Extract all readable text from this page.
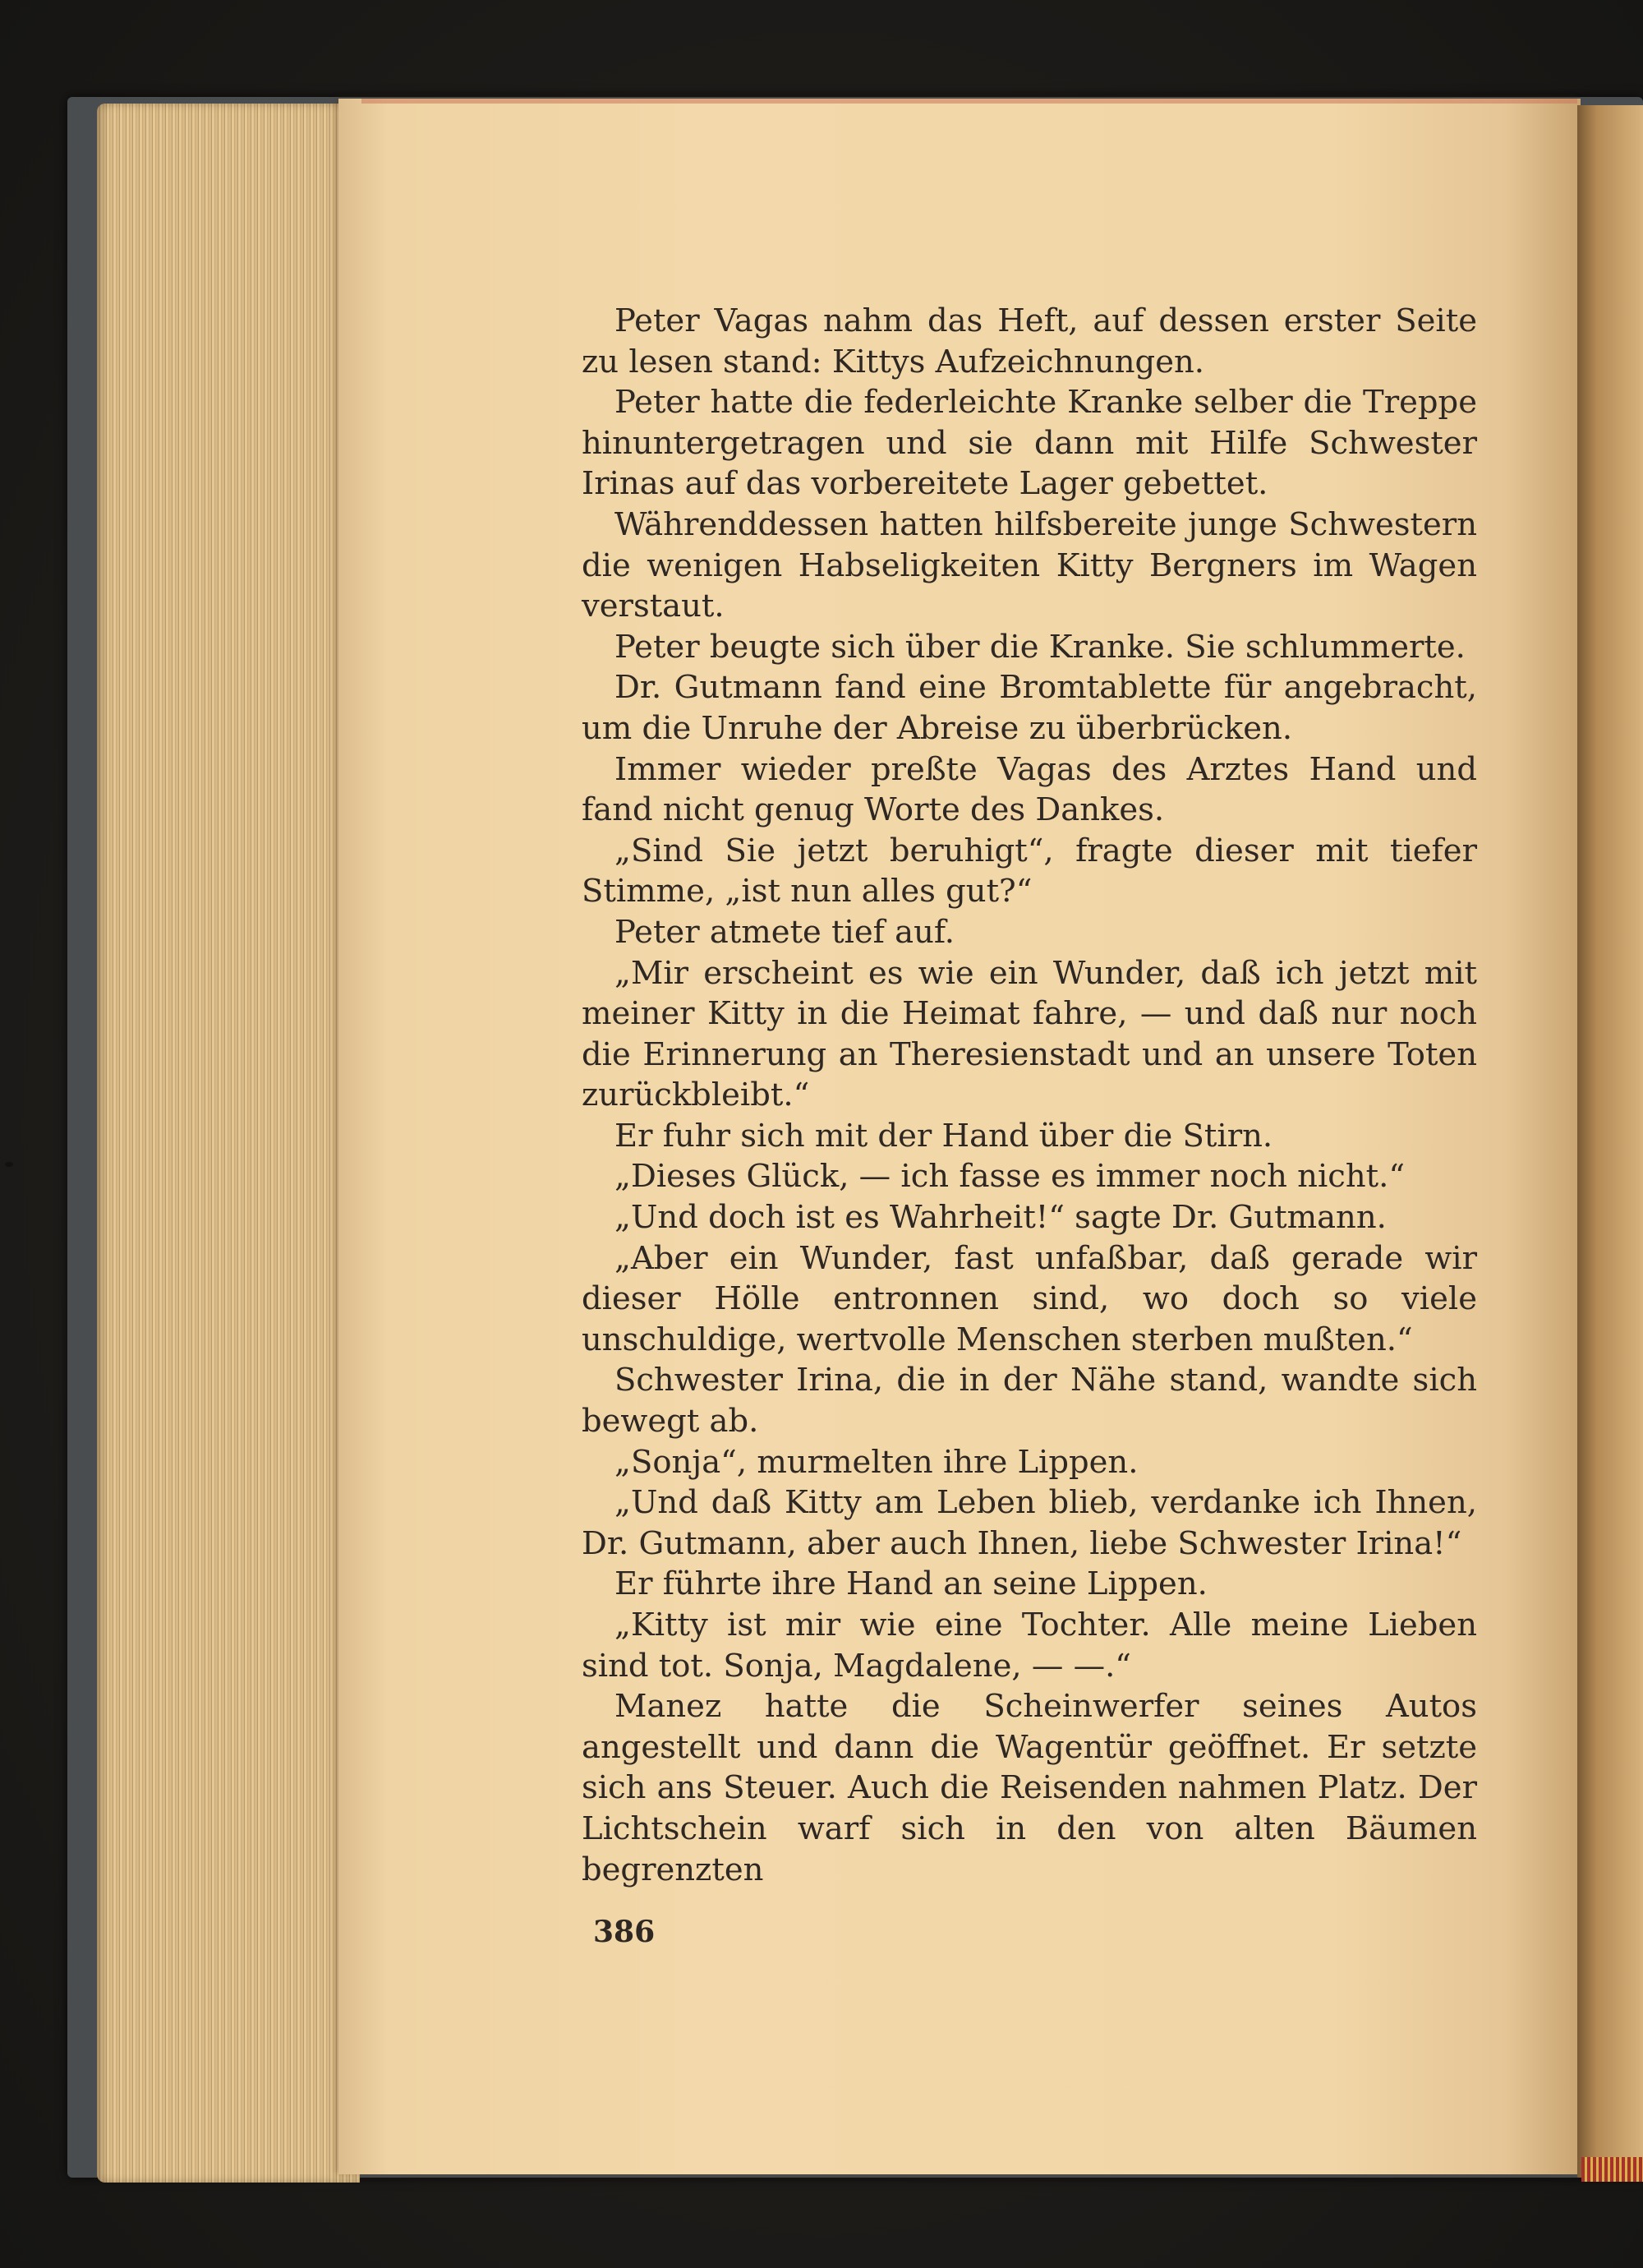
Peter Vagas nahm das Heft, auf dessen erster Seite zu lesen stand: Kittys Aufzeichnungen.

Peter hatte die federleichte Kranke selber die Treppe hinuntergetragen und sie dann mit Hilfe Schwester Irinas auf das vorbereitete Lager gebettet.

Währenddessen hatten hilfsbereite junge Schwestern die wenigen Habseligkeiten Kitty Bergners im Wagen verstaut.

Peter beugte sich über die Kranke. Sie schlummerte.

Dr. Gutmann fand eine Bromtablette für angebracht, um die Unruhe der Abreise zu überbrücken.

Immer wieder preßte Vagas des Arztes Hand und fand nicht genug Worte des Dankes.

„Sind Sie jetzt beruhigt“, fragte dieser mit tiefer Stimme, „ist nun alles gut?“

Peter atmete tief auf.

„Mir erscheint es wie ein Wunder, daß ich jetzt mit meiner Kitty in die Heimat fahre, — und daß nur noch die Erinnerung an Theresienstadt und an unsere Toten zurückbleibt.“

Er fuhr sich mit der Hand über die Stirn.

„Dieses Glück, — ich fasse es immer noch nicht.“

„Und doch ist es Wahrheit!“ sagte Dr. Gutmann.

„Aber ein Wunder, fast unfaßbar, daß gerade wir dieser Hölle entronnen sind, wo doch so viele unschuldige, wertvolle Menschen sterben mußten.“

Schwester Irina, die in der Nähe stand, wandte sich bewegt ab.

„Sonja“, murmelten ihre Lippen.

„Und daß Kitty am Leben blieb, verdanke ich Ihnen, Dr. Gutmann, aber auch Ihnen, liebe Schwester Irina!“

Er führte ihre Hand an seine Lippen.

„Kitty ist mir wie eine Tochter. Alle meine Lieben sind tot. Sonja, Magdalene, — —.“

Manez hatte die Scheinwerfer seines Autos angestellt und dann die Wagentür geöffnet. Er setzte sich ans Steuer. Auch die Reisenden nahmen Platz. Der Lichtschein warf sich in den von alten Bäumen begrenzten

386
